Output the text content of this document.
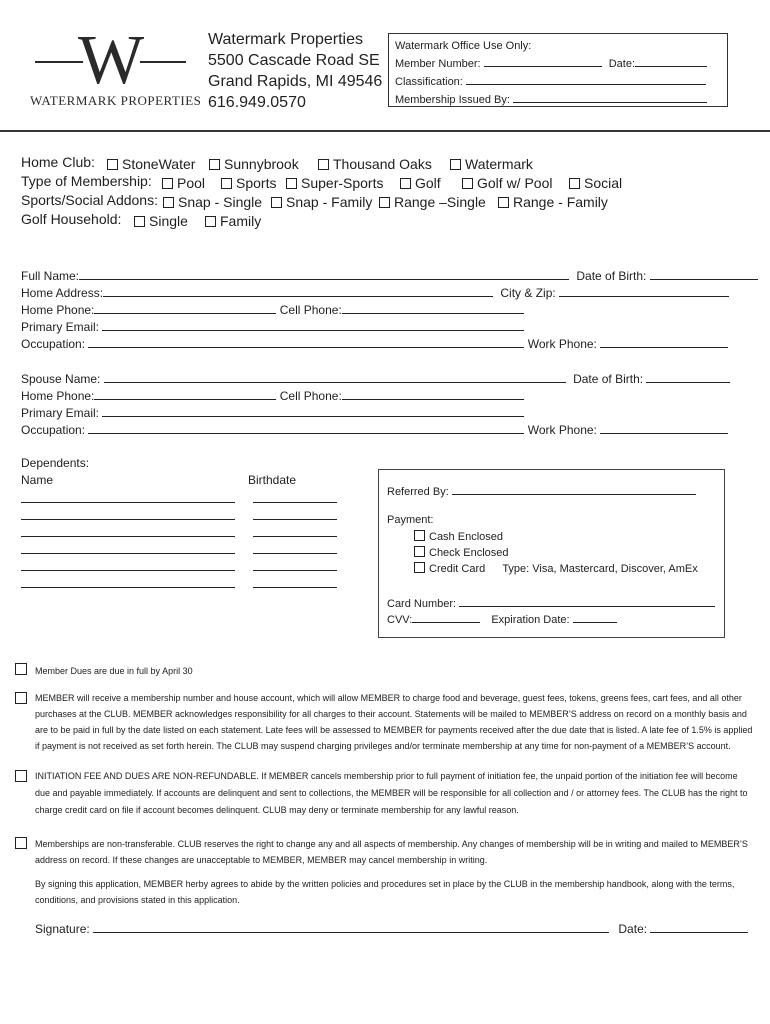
W
WATERMARK PROPERTIES
Watermark Properties
5500 Cascade Road SE
Grand Rapids, MI 49546
616.949.0570
Watermark Office Use Only:
Member Number:	Date:
Classification:
Membership Issued By:
Home Club:	StoneWater	Sunnybrook	Thousand Oaks	Watermark
Type of Membership:	Pool	Sports	Super-Sports	Golf	Golf w/ Pool	Social
Sports/Social Addons:	Snap - Single	Snap - Family	Range –Single	Range - Family
Golf Household:	Single	Family
Full Name:	Date of Birth:
Home Address:	City & Zip:
Home Phone:	Cell Phone:
Primary Email:
Occupation:	Work Phone:
Spouse Name:	Date of Birth:
Home Phone:	Cell Phone:
Primary Email:
Occupation:	Work Phone:
Dependents:
Name	Birthdate

Referred By:
Payment:
Cash Enclosed
Check Enclosed
Credit Card Type: Visa, Mastercard, Discover, AmEx
Card Number:
CVV:	Expiration Date:
Member Dues are due in full by April 30
MEMBER will receive a membership number and house account, which will allow MEMBER to charge food and beverage, guest fees, tokens, greens fees, cart fees, and all other purchases at the CLUB. MEMBER acknowledges responsibility for all charges to their account. Statements will be mailed to MEMBER’S address on record on a monthly basis and are to be paid in full by the date listed on each statement. Late fees will be assessed to MEMBER for payments received after the due date that is listed. A late fee of 1.5% is applied if payment is not received as set forth herein. The CLUB may suspend charging privileges and/or terminate membership at any time for non-payment of a MEMBER’S account.
INITIATION FEE AND DUES ARE NON-REFUNDABLE. If MEMBER cancels membership prior to full payment of initiation fee, the unpaid portion of the initiation fee will become due and payable immediately. If accounts are delinquent and sent to collections, the MEMBER will be responsible for all collection and / or attorney fees. The CLUB has the right to charge credit card on file if account becomes delinquent. CLUB may deny or terminate membership for any lawful reason.
Memberships are non-transferable. CLUB reserves the right to change any and all aspects of membership. Any changes of membership will be in writing and mailed to MEMBER’S address on record. If these changes are unacceptable to MEMBER, MEMBER may cancel membership in writing.
By signing this application, MEMBER herby agrees to abide by the written policies and procedures set in place by the CLUB in the membership handbook, along with the terms, conditions, and provisions stated in this application.
Signature:	Date:
